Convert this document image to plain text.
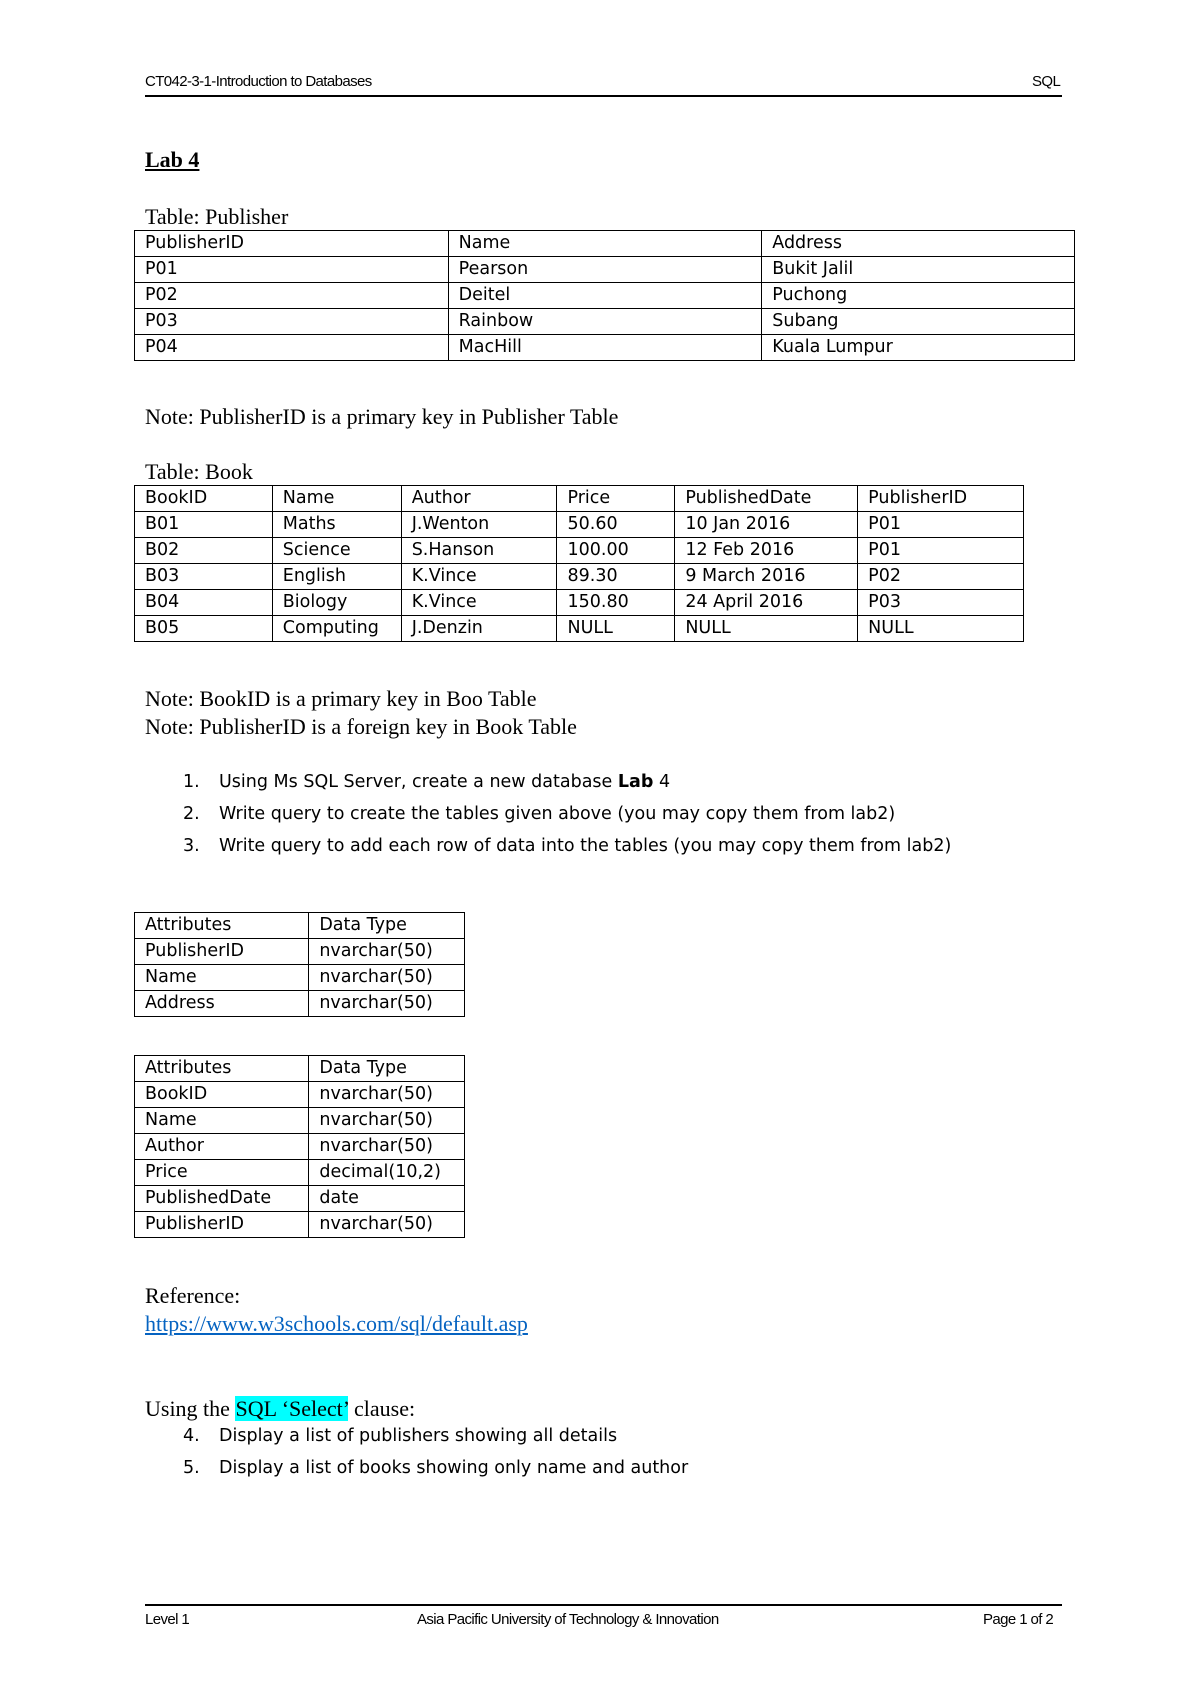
CT042-3-1-Introduction to Databases	SQL
Lab 4
Table: Publisher
PublisherID	Name	Address
P01	Pearson	Bukit Jalil
P02	Deitel	Puchong
P03	Rainbow	Subang
P04	MacHill	Kuala Lumpur
Note: PublisherID is a primary key in Publisher Table
Table: Book
BookID	Name	Author	Price	PublishedDate	PublisherID
B01	Maths	J.Wenton	50.60	10 Jan 2016	P01
B02	Science	S.Hanson	100.00	12 Feb 2016	P01
B03	English	K.Vince	89.30	9 March 2016	P02
B04	Biology	K.Vince	150.80	24 April 2016	P03
B05	Computing	J.Denzin	NULL	NULL	NULL
Note: BookID is a primary key in Boo Table
Note: PublisherID is a foreign key in Book Table
1. Using Ms SQL Server, create a new database Lab 4
2. Write query to create the tables given above (you may copy them from lab2)
3. Write query to add each row of data into the tables (you may copy them from lab2)
Attributes	Data Type
PublisherID	nvarchar(50)
Name	nvarchar(50)
Address	nvarchar(50)
Attributes	Data Type
BookID	nvarchar(50)
Name	nvarchar(50)
Author	nvarchar(50)
Price	decimal(10,2)
PublishedDate	date
PublisherID	nvarchar(50)
Reference:
https://www.w3schools.com/sql/default.asp
Using the SQL ‘Select’ clause:
4. Display a list of publishers showing all details
5. Display a list of books showing only name and author
Level 1	Asia Pacific University of Technology & Innovation	Page 1 of 2
